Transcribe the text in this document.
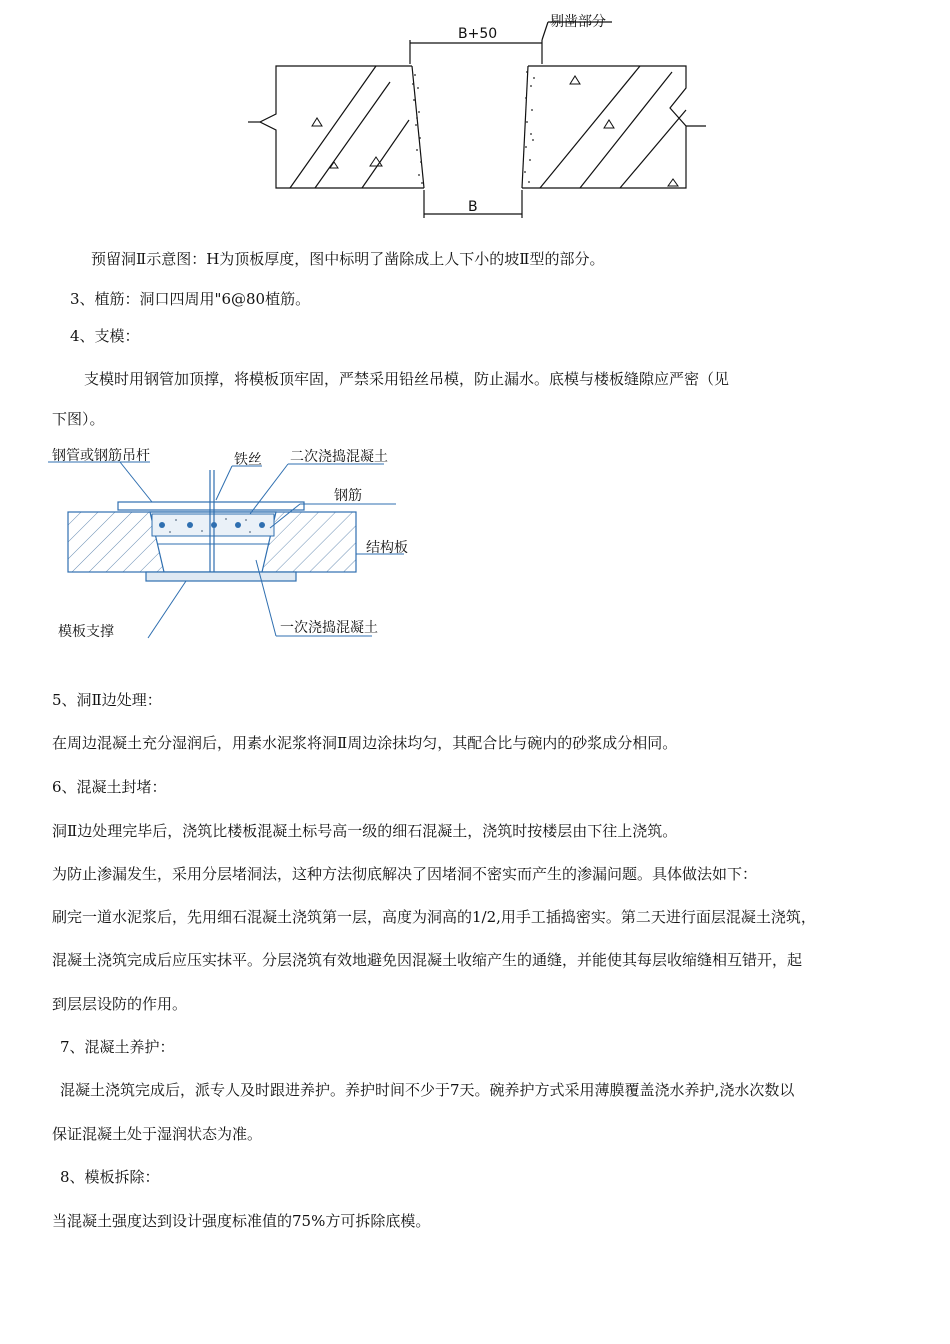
B+50
B
剔凿部分
预留洞Ⅱ示意图：H为顶板厚度，图中标明了凿除成上人下小的坡Ⅱ型的部分。
3、植筋：洞口四周用"6@80植筋。
4、支模：
支模时用钢管加顶撑，将模板顶牢固，严禁采用铅丝吊模，防止漏水。底模与楼板缝隙应严密（见
下图）。
钢管或钢筋吊杆	铁丝 二次浇捣混凝土
钢筋
结构板
模板支撑	一次浇捣混凝土
5、洞Ⅱ边处理：
在周边混凝土充分湿润后，用素水泥浆将洞Ⅱ周边涂抹均匀，其配合比与碗内的砂浆成分相同。
6、混凝土封堵：
洞Ⅱ边处理完毕后，浇筑比楼板混凝土标号高一级的细石混凝土，浇筑时按楼层由下往上浇筑。
为防止渗漏发生，采用分层堵洞法，这种方法彻底解决了因堵洞不密实而产生的渗漏问题。具体做法如下：
刷完一道水泥浆后，先用细石混凝土浇筑第一层，高度为洞高的1/2,用手工插捣密实。第二天进行面层混凝土浇筑，
混凝土浇筑完成后应压实抹平。分层浇筑有效地避免因混凝土收缩产生的通缝，并能使其每层收缩缝相互错开，起
到层层设防的作用。
7、混凝土养护：
混凝土浇筑完成后，派专人及时跟进养护。养护时间不少于7天。碗养护方式采用薄膜覆盖浇水养护,浇水次数以
保证混凝土处于湿润状态为准。
8、模板拆除：
当混凝土强度达到设计强度标准值的75%方可拆除底模。
